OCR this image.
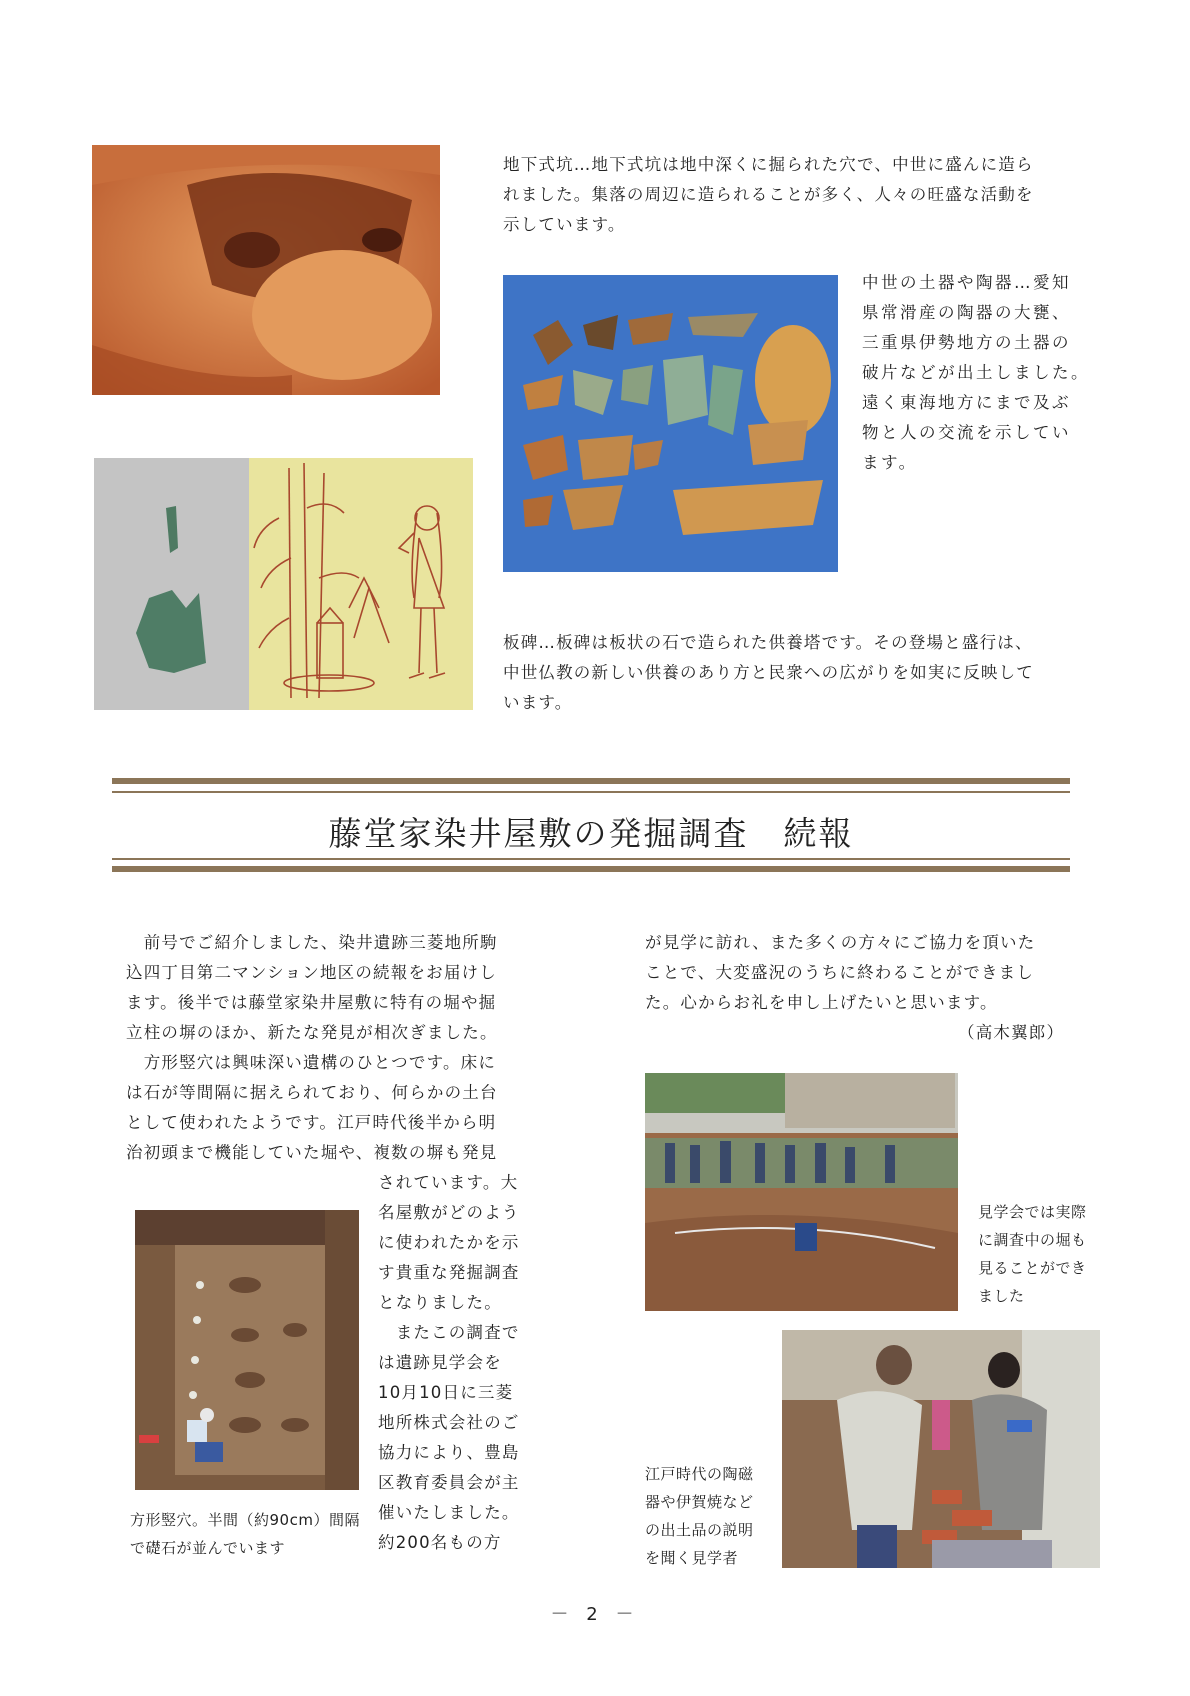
地下式坑…地下式坑は地中深くに掘られた穴で、中世に盛んに造ら
れました。集落の周辺に造られることが多く、人々の旺盛な活動を
示しています。
中世の土器や陶器…愛知
県常滑産の陶器の大甕、
三重県伊勢地方の土器の
破片などが出土しました。
遠く東海地方にまで及ぶ
物と人の交流を示してい
ます。
板碑…板碑は板状の石で造られた供養塔です。その登場と盛行は、
中世仏教の新しい供養のあり方と民衆への広がりを如実に反映して
います。
藤堂家染井屋敷の発掘調査　続報
　前号でご紹介しました、染井遺跡三菱地所駒
込四丁目第二マンション地区の続報をお届けし
ます。後半では藤堂家染井屋敷に特有の堀や掘
立柱の塀のほか、新たな発見が相次ぎました。
　方形竪穴は興味深い遺構のひとつです。床に
は石が等間隔に据えられており、何らかの土台
として使われたようです。江戸時代後半から明
治初頭まで機能していた堀や、複数の塀も発見
されています。大
名屋敷がどのよう
に使われたかを示
す貴重な発掘調査
となりました。
　またこの調査で
は遺跡見学会を
10月10日に三菱
地所株式会社のご
協力により、豊島
区教育委員会が主
催いたしました。
約200名もの方
方形竪穴。半間（約90cm）間隔
で礎石が並んでいます
が見学に訪れ、また多くの方々にご協力を頂いた
ことで、大変盛況のうちに終わることができまし
た。心からお礼を申し上げたいと思います。
（高木翼郎）
見学会では実際
に調査中の堀も
見ることができ
ました
江戸時代の陶磁
器や伊賀焼など
の出土品の説明
を聞く見学者
－ 2 －
